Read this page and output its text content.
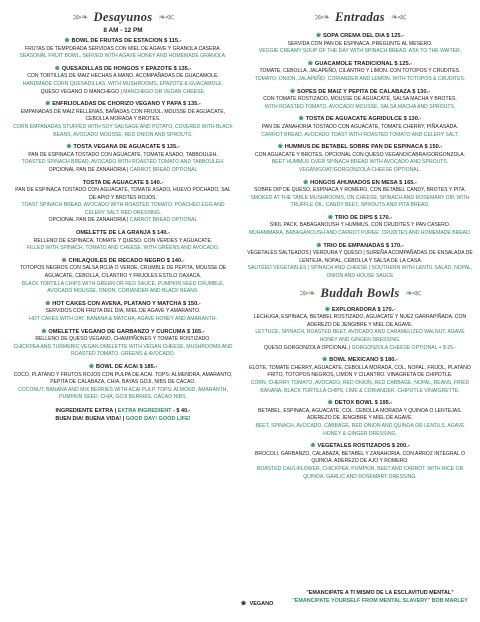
≫❧ Desayunos ❧≪
8 AM - 12 PM
❀ BOWL DE FRUTAS DE ESTACION $ 115.-
FRUTAS DE TEMPORADA SERVIDAS CON MIEL DE AGAVE Y GRANOLA CASERA.
SEASONAL FRUIT BOWL, SERVED WITH AGAVE HONEY AND HOMEMADE GRANOLA.
❀ QUESADILLAS DE HONGOS Y EPAZOTE $ 135.-
CON TORTILLAS DE MAIZ HECHAS A MANO. ACOMPAÑADAS DE GUACAMOLE.
HANDMADE CORN QUESADILLAS, WITH MUSHROOMS, EPAZOTE & GUACAMOLE.
QUESO VEGANO O MANCHEGO | MANCHEGO OR VEGAN CHEESE.
❀ ENFRIJOLADAS DE CHORIZO VEGANO Y PAPA $ 135.-
EMPANADAS DE MAIZ RELLENAS, BAÑADAS CON FRIJOL, MOUSSE DE AGUACATE, CEBOLLA MORADA Y BROTES.
CORN EMPANADAS STUFFED WITH SOY SAUSAGE AND POTATO. COVERED WITH BLACK BEANS, AVOCADO MOUSSE, RED ONION AND SPROUTS.
❀ TOSTA VEGANA DE AGUACATE $ 135.-
PAN DE ESPINACA TOSTADO CON AGUACATE, TOMATE ASADO, TABBOULEH.
TOASTED SPINACH BREAD, AVOCADO WITH ROASTED TOMATO AND TABBOULEH.
OPCIONAL PAN DE ZANAHORIA | CARROT BREAD OPTIONAL
TOSTA DE AGUACATE $ 140.-
PAN DE ESPINACA TOSTADO CON AGUACATE, TOMATE ASADO, HUEVO POCHADO, SAL DE APIO Y BROTES ROJOS.
TOAST SPINACH BREAD, AVOCADO WITH ROASTED TOMATO, POACHED EGG AND CELERY SALT. RED DRESSING.
OPCIONAL PAN DE ZANAHORIA | CARROT BREAD OPTIONAL
OMELETTE DE LA GRANJA $ 140.-
RELLENO DE ESPINACA, TOMATE Y QUESO. CON VERDES Y AGUACATE.
FILLED WITH SPINACH, TOMATO AND CHEESE. WITH GREENS AND AVOCADO.
❀ CHILAQUILES DE RECADO NEGRO $ 140.-
TOTOPOS NEGROS CON SALSA ROJA O VERDE, CRUMBLE DE PEPITA, MOUSSE DE AGUACATE, CEBOLLA, CILANTRO Y FRIJOLES ESTILO OAXACA.
BLACK TORTILLA CHIPS WITH GREEN OR RED SAUCE, PUMPKIN SEED CRUMBLE, AVOCADO MOUSSE, ONION, CORIANDER AND BLACK BEANS.
❀ HOT CAKES CON AVENA, PLATANO Y MATCHA $ 150.-
SERVIDOS CON FRUTA DEL DIA, MIEL DE AGAVE Y AMARANTO.
HOT CAKES WITH OAT, BANANA & MATCHA, AGAVE HONEY AND AMARANTH.
❀ OMELETTE VEGANO DE GARBANZO Y CURCUMA $ 165.-
RELLENO DE QUESO VEGANO, CHAMPIÑONES Y TOMATE ROSTIZADO.
CHICKPEA AND TURMERIC VEGAN OMELETTE WITH VEGAN CHEESE, MUSHROOMS AND ROASTED TOMATO. GREENS & AVOCADO.
❀ BOWL DE ACAI $ 185.-
COCO, PLATANO Y FRUTOS ROJOS CON PULPA DE ACAI. TOPS: ALMENDRA, AMARANTO, PEPITA DE CALABAZA, CHIA, BAYAS GOJI, NIBS DE CACAO.
COCONUT, BANANA AND MIX BERRIES WITH ACAI PULP. TOPS: ALMOND, AMARANTH, PUMPKIN SEED, CHIA, GOJI BERRIES, CACAO NIBS.
INGREDIENTE EXTRA | EXTRA INGREDIENT - $ 40.-
BUEN DIA! BUENA VIDA! | GOOD DAY! GOOD LIFE!
≫❧ Entradas ❧≪
❀ SOPA CREMA DEL DIA $ 125.-
SERVIDA CON PAN DE ESPINACA. PREGUNTE AL MESERO.
VEGGIE CREAMY SOUP OF THE DAY WITH SPINACH BREAD. ASK TO THE WAITER.
❀ GUACAMOLE TRADICIONAL $ 125.-
TOMATE, CEBOLLA, JALAPEÑO, CILANTRO Y LIMON. CON TOTOPOS Y CRUDITES.
TOMATO, ONION, JALAPEÑO, CORIANDER AND LEMON. WITH TOTOPOS & CRUDITES.
❀ SOPES DE MAIZ Y PEPITA DE CALABAZA $ 130.-
CON TOMATE ROSTIZADO, MOUSSE DE AGUACATE, SALSA MACHA Y BROTES.
WITH ROASTED TOMATO, AVOCADO MOUSSE, SALSA MACHA AND SPROUTS.
❀ TOSTA DE AGUACATE AGRIDULCE $ 130.-
PAN DE ZANAHORIA TOSTADO CON AGUACATE, TOMATE CHERRY, PIÑA ASADA.
CARROT BREAD, AVOCADO TOAST WITH ROASTED TOMATO AND CELERY SALT.
❀ HUMMUS DE BETABEL SOBRE PAN DE ESPINACA $ 150.-
CON AGUACATE Y BROTES. OPCIONAL CON QUESO VEGANO/CABRA/GORGONZOLA.
BEET HUMMUS OVER SPINACH BREAD WITH AVOCADO AND SPROUTS. VEGAN/GOAT/GORGONZOLA CHEESE OPTIONAL.
❀ HONGOS AHUMADOS EN MESA $ 165.-
SOBRE DIP DE QUESO, ESPINACA Y ROMERO, CON BETABEL CANDY, BROTES Y PITA.
SMOKED AT THE TABLE MUSHROOMS, ON CHEESE, SPINACH AND ROSEMARY DIP, WITH TRUFFLE OIL, CANDY BEET, SPROUTS AND PITA BREAD.
❀ TRIO DE DIPS $ 170.-
SIKIL PACK, BABAGANOUSH Y HUMMUS. CON CRUDITES Y PAN CASERO.
MUHAMMARA, BABAGANOUSH AND CARROT PUREE. CRUDITES AND HOMEMADE BREAD.
❀ TRIO DE EMPANADAS $ 170.-
VEGETALES SALTEADOS | VERDURA Y QUESO | SUREÑA ACOMPAÑADAS DE ENSALADA DE LENTEJA, NOPAL, CEBOLLA Y SALSA DE LA CASA
SAUTÉED VEGETABLES | SPINACH AND CHEESE | SOUTHERN WITH LENTIL SALAD, NOPAL, ONION AND HOUSE SAUCE
≫❧ Buddah Bowls ❧≪
❀ EXPLORADORA $ 170.-
LECHUGA, ESPINACA, BETABEL ROSTIZADO, AGUACATE Y NUEZ GARRAPIÑADA. CON ADEREZO DE JENGIBRE Y MIEL DE AGAVE.
LETTUCE, SPINACH, ROASTED BEET, AVOCADO AND CARAMELIZED WALNUT. AGAVE HONEY AND GINGER DRESSING.
QUESO GORGONZOLA OPCIONAL | GORGONZOLA CHEESE OPTIONAL + $ 25.-
❀ BOWL MEXICANO $ 180.-
ELOTE, TOMATE CHERRY, AGUACATE, CEBOLLA MORADA, COL, NOPAL, FRIJOL, PLATANO FRITO, TOTOPOS NEGROS, LIMON Y CILANTRO. VINAGRETA DE CHIPOTLE.
CORN, CHERRY TOMATO, AVOCADO, RED ONION, RED CABBAGE, NOPAL, BEANS, FRIED BANANA, BLACK TORTILLA CHIPS, LIME & CORIANDER. CHIPOTLE VINAIGRETTE.
❀ DETOX BOWL $ 195.-
BETABEL, ESPINACA, AGUACATE, COL, CEBOLLA MORADA Y QUINOA O LENTEJAS. ADEREZO DE JENGIBRE Y MIEL DE AGAVE.
BEET, SPINACH, AVOCADO, CABBAGE, RED ONION AND QUINOA OR LENTILS. AGAVE HONEY & GINGER DRESSING.
❀ VEGETALES ROSTIZADOS $ 200.-
BROCOLI, GARBANZO, CALABAZA, BETABEL Y ZANAHORIA. CON ARROZ INTEGRAL O QUINOA. ADEREZO DE AJO Y ROMERO.
ROASTED CAULIFLOWER, CHICKPEA, PUMPKIN, BEET AND CARROT. WITH RICE OR QUINOA. GARLIC AND ROSEMARY DRESSING.
❀ VEGANO
"EMANCIPATE A TI MISMO DE LA ESCLAVITUD MENTAL"
"EMANCIPATE YOURSELF FROM MENTAL SLAVERY" BOB MARLEY
